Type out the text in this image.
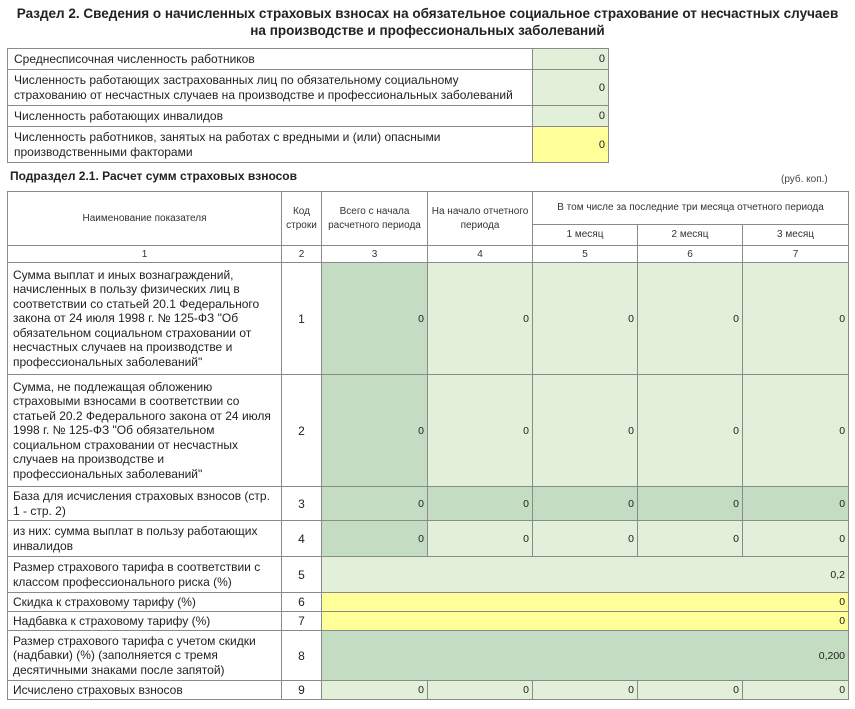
Раздел 2. Сведения о начисленных страховых взносах на обязательное социальное страхование от несчастных случаев
на производстве и профессиональных заболеваний
Среднесписочная численность работников	0
Численность работающих застрахованных лиц по обязательному социальному страхованию от несчастных случаев на производстве и профессиональных заболеваний	0
Численность работающих инвалидов	0
Численность работников, занятых на работах с вредными и (или) опасными производственными факторами	0
Подраздел 2.1. Расчет сумм страховых взносов	(руб. коп.)
Наименование показателя	Код строки	Всего с начала расчетного периода	На начало отчетного периода	В том числе за последние три месяца отчетного периода		
				1 месяц	2 месяц	3 месяц
1	2	3	4	5	6	7
Сумма выплат и иных вознаграждений, начисленных в пользу физических лиц в соответствии со статьей 20.1 Федерального закона от 24 июля 1998 г. № 125-ФЗ "Об обязательном социальном страховании от несчастных случаев на производстве и профессиональных заболеваний"	1	0	0	0	0	0
Сумма, не подлежащая обложению страховыми взносами в соответствии со статьей 20.2 Федерального закона от 24 июля 1998 г. № 125-ФЗ "Об обязательном социальном страховании от несчастных случаев на производстве и профессиональных заболеваний"	2	0	0	0	0	0
База для исчисления страховых взносов (стр. 1 - стр. 2)	3	0	0	0	0	0
из них: сумма выплат в пользу работающих инвалидов	4	0	0	0	0	0
Размер страхового тарифа в соответствии с классом профессионального риска (%)	5	0,2				
Скидка к страховому тарифу (%)	6	0				
Надбавка к страховому тарифу (%)	7	0				
Размер страхового тарифа с учетом скидки (надбавки) (%) (заполняется с тремя десятичными знаками после запятой)	8	0,200				
Исчислено страховых взносов	9	0	0	0	0	0
